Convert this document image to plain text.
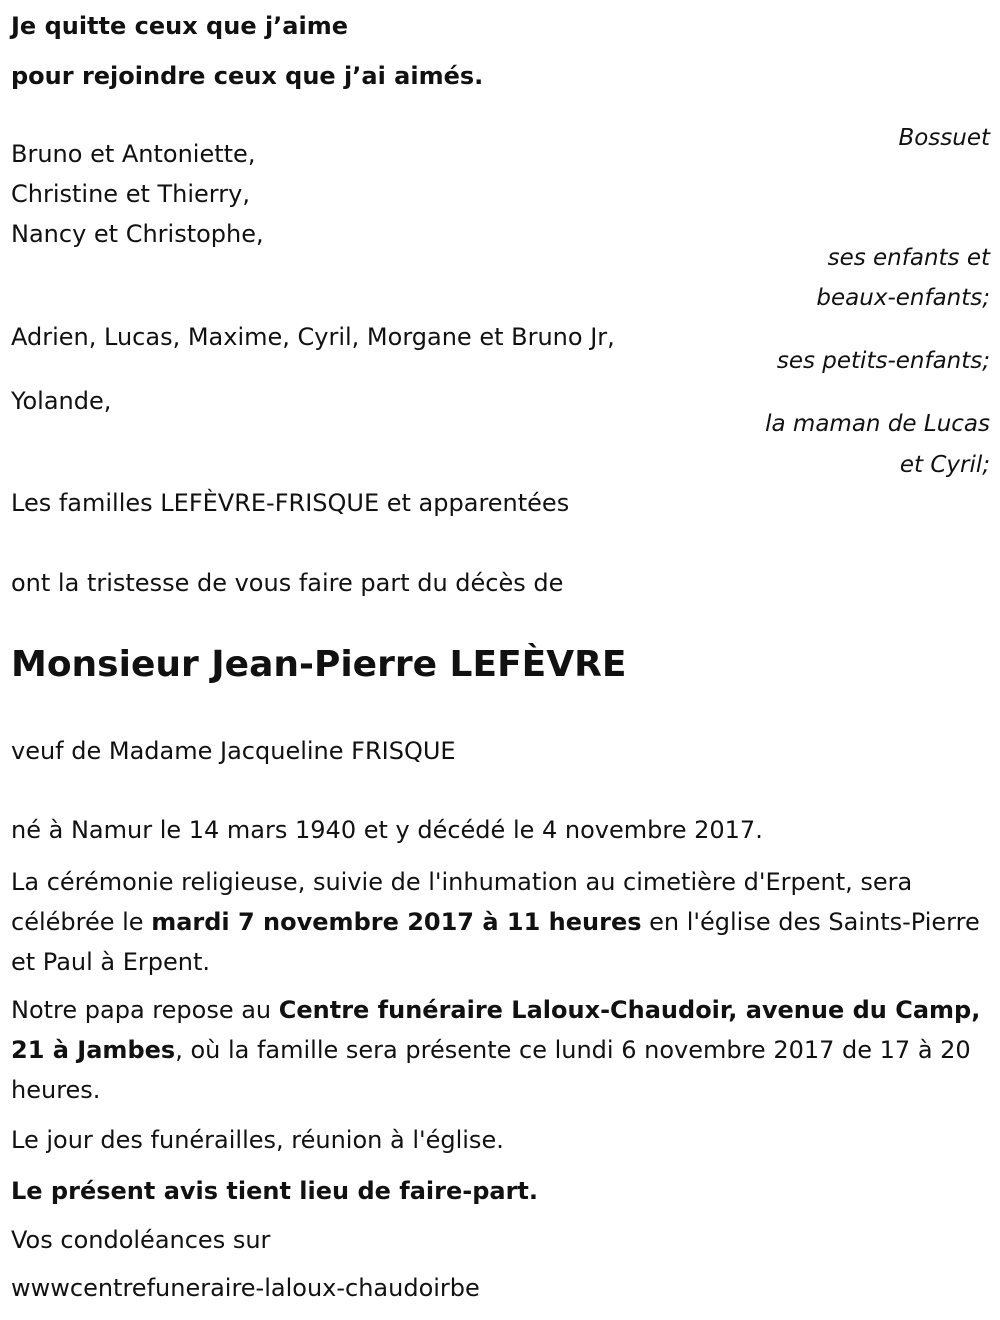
Je quitte ceux que j’aime

pour rejoindre ceux que j’ai aimés.

Bossuet

Bruno et Antoniette,

Christine et Thierry,

Nancy et Christophe,

ses enfants et

beaux-enfants;

Adrien, Lucas, Maxime, Cyril, Morgane et Bruno Jr,

ses petits-enfants;

Yolande,

la maman de Lucas

et Cyril;

Les familles LEFÈVRE-FRISQUE et apparentées

ont la tristesse de vous faire part du décès de

Monsieur Jean-Pierre LEFÈVRE

veuf de Madame Jacqueline FRISQUE

né à Namur le 14 mars 1940 et y décédé le 4 novembre 2017.

La cérémonie religieuse, suivie de l'inhumation au cimetière d'Erpent, sera célébrée le mardi 7 novembre 2017 à 11 heures en l'église des Saints-Pierre et Paul à Erpent.

Notre papa repose au Centre funéraire Laloux-Chaudoir, avenue du Camp, 21 à Jambes, où la famille sera présente ce lundi 6 novembre 2017 de 17 à 20 heures.

Le jour des funérailles, réunion à l'église.

Le présent avis tient lieu de faire-part.

Vos condoléances sur

wwwcentrefuneraire-laloux-chaudoirbe
